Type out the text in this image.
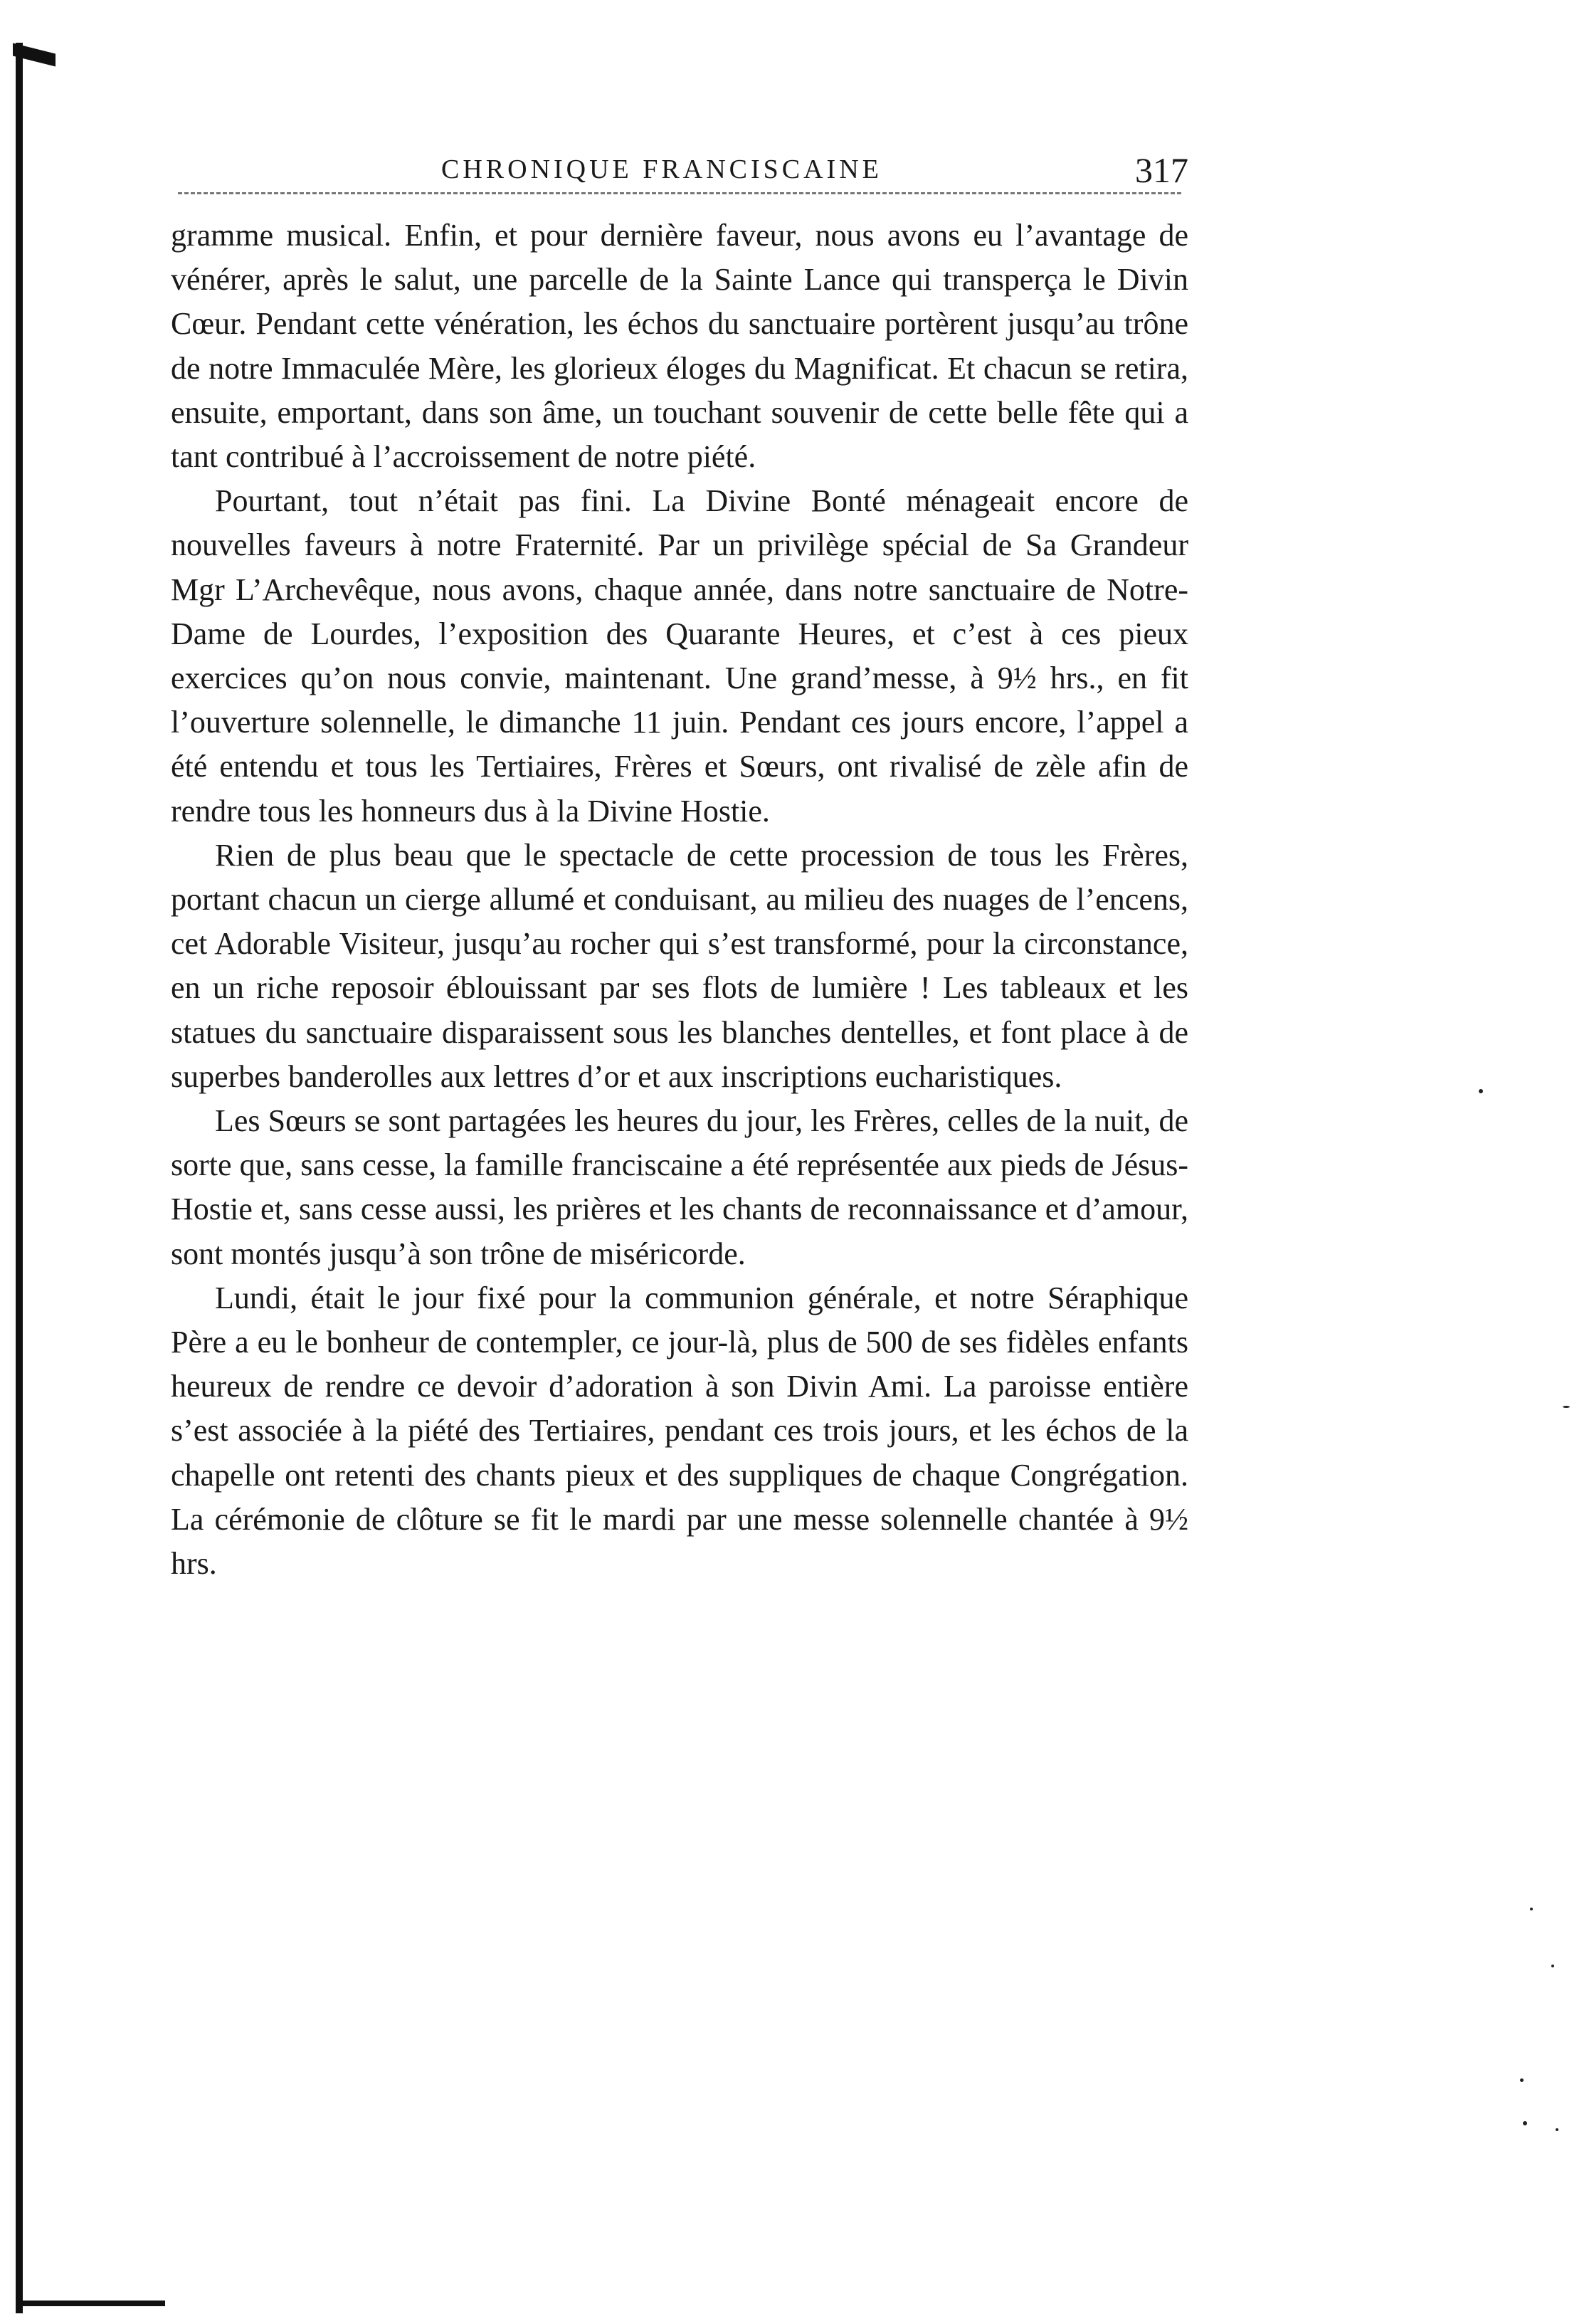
CHRONIQUE FRANCISCAINE	317

gramme musical. Enfin, et pour dernière faveur, nous avons eu l’avantage de vénérer, après le salut, une parcelle de la Sainte Lance qui transperça le Divin Cœur. Pendant cette vénération, les échos du sanctuaire portèrent jusqu’au trône de notre Immaculée Mère, les glorieux éloges du Magnificat. Et chacun se retira, ensuite, emportant, dans son âme, un touchant souvenir de cette belle fête qui a tant contribué à l’accroissement de notre piété.

Pourtant, tout n’était pas fini. La Divine Bonté ménageait encore de nouvelles faveurs à notre Fraternité. Par un privilège spécial de Sa Grandeur Mgr L’Archevêque, nous avons, chaque année, dans notre sanctuaire de Notre-Dame de Lourdes, l’exposition des Quarante Heures, et c’est à ces pieux exercices qu’on nous convie, maintenant. Une grand’messe, à 9½ hrs., en fit l’ouverture solennelle, le dimanche 11 juin. Pendant ces jours encore, l’appel a été entendu et tous les Tertiaires, Frères et Sœurs, ont rivalisé de zèle afin de rendre tous les honneurs dus à la Divine Hostie.

Rien de plus beau que le spectacle de cette procession de tous les Frères, portant chacun un cierge allumé et conduisant, au milieu des nuages de l’encens, cet Adorable Visiteur, jusqu’au rocher qui s’est transformé, pour la circonstance, en un riche reposoir éblouissant par ses flots de lumière ! Les tableaux et les statues du sanctuaire disparaissent sous les blanches dentelles, et font place à de superbes banderolles aux lettres d’or et aux inscriptions eucharistiques.

Les Sœurs se sont partagées les heures du jour, les Frères, celles de la nuit, de sorte que, sans cesse, la famille franciscaine a été représentée aux pieds de Jésus-Hostie et, sans cesse aussi, les prières et les chants de reconnaissance et d’amour, sont montés jusqu’à son trône de miséricorde.

Lundi, était le jour fixé pour la communion générale, et notre Séraphique Père a eu le bonheur de contempler, ce jour-là, plus de 500 de ses fidèles enfants heureux de rendre ce devoir d’adoration à son Divin Ami. La paroisse entière s’est associée à la piété des Tertiaires, pendant ces trois jours, et les échos de la chapelle ont retenti des chants pieux et des suppliques de chaque Congrégation. La cérémonie de clôture se fit le mardi par une messe solennelle chantée à 9½ hrs.
